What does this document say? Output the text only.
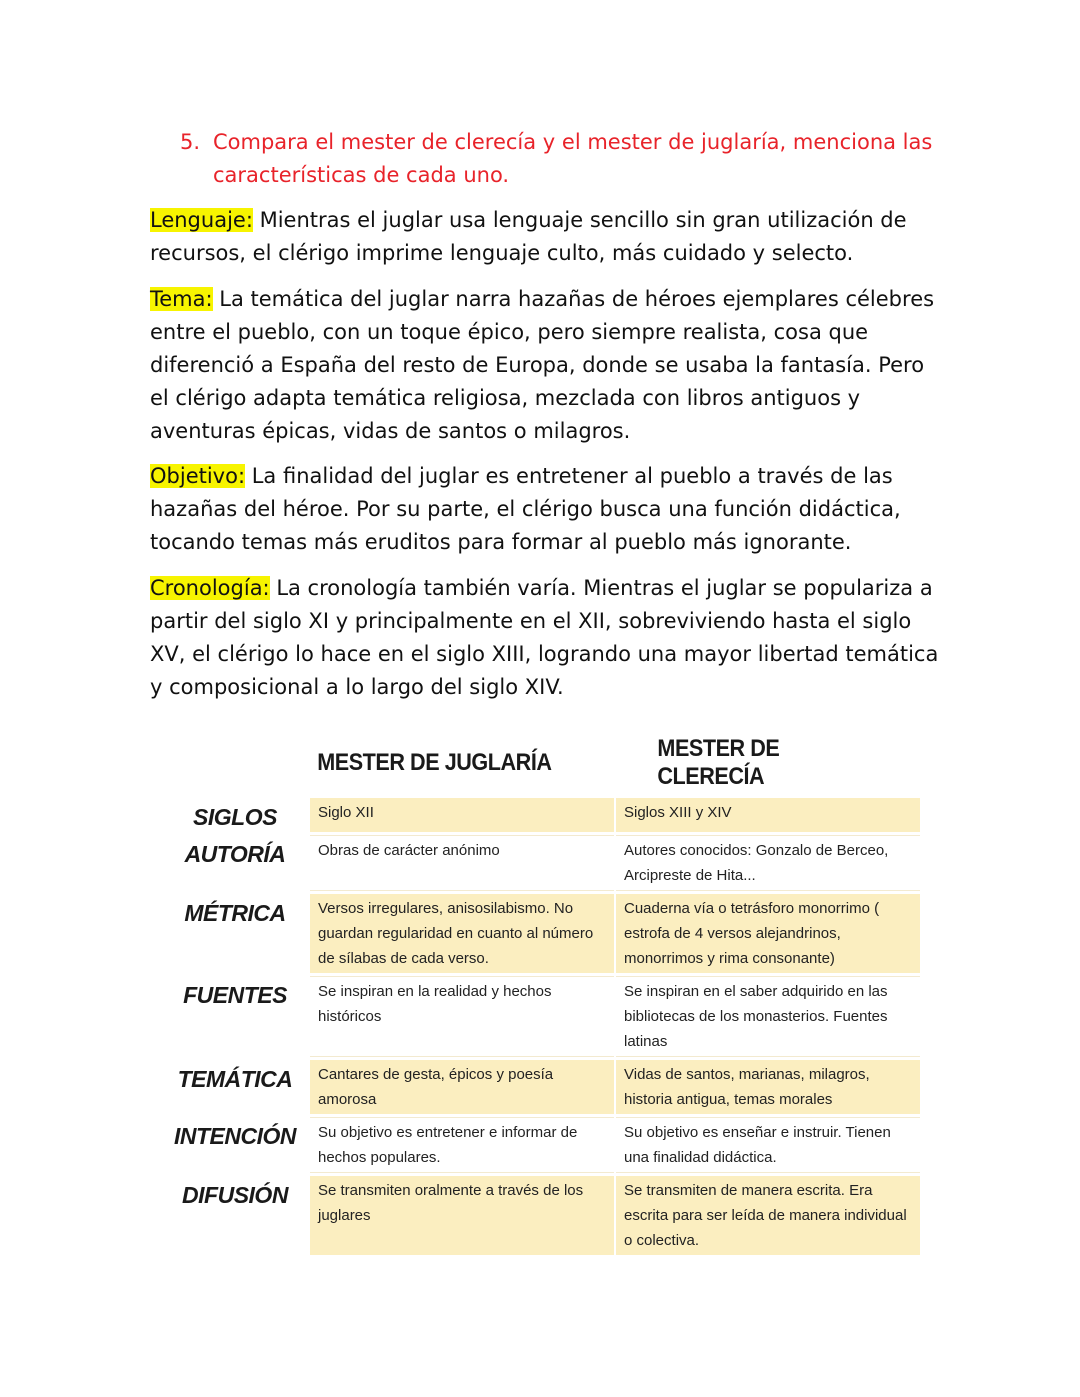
5. Compara el mester de clerecía y el mester de juglaría, menciona las características de cada uno.
Lenguaje: Mientras el juglar usa lenguaje sencillo sin gran utilización de recursos, el clérigo imprime lenguaje culto, más cuidado y selecto.
Tema: La temática del juglar narra hazañas de héroes ejemplares célebres entre el pueblo, con un toque épico, pero siempre realista, cosa que diferenció a España del resto de Europa, donde se usaba la fantasía. Pero el clérigo adapta temática religiosa, mezclada con libros antiguos y aventuras épicas, vidas de santos o milagros.
Objetivo: La finalidad del juglar es entretener al pueblo a través de las hazañas del héroe. Por su parte, el clérigo busca una función didáctica, tocando temas más eruditos para formar al pueblo más ignorante.
Cronología: La cronología también varía. Mientras el juglar se populariza a partir del siglo XI y principalmente en el XII, sobreviviendo hasta el siglo XV, el clérigo lo hace en el siglo XIII, logrando una mayor libertad temática y composicional a lo largo del siglo XIV.
	MESTER DE JUGLARÍA		MESTER DE CLERECÍA
SIGLOS	Siglo XII		Siglos XIII y XIV
AUTORÍA	Obras de carácter anónimo		Autores conocidos: Gonzalo de Berceo, Arcipreste de Hita...
MÉTRICA	Versos irregulares, anisosilabismo. No guardan regularidad en cuanto al número de sílabas de cada verso.		Cuaderna vía o tetrásforo monorrimo ( estrofa de 4 versos alejandrinos, monorrimos y rima consonante)
FUENTES	Se inspiran en la realidad y hechos históricos		Se inspiran en el saber adquirido en las bibliotecas de los monasterios. Fuentes latinas
TEMÁTICA	Cantares de gesta, épicos y poesía amorosa		Vidas de santos, marianas, milagros, historia antigua, temas morales
INTENCIÓN	Su objetivo es entretener e informar de hechos populares.		Su objetivo es enseñar e instruir. Tienen una finalidad didáctica.
DIFUSIÓN	Se transmiten oralmente a través de los juglares		Se transmiten de manera escrita. Era escrita para ser leída de manera individual o colectiva.
